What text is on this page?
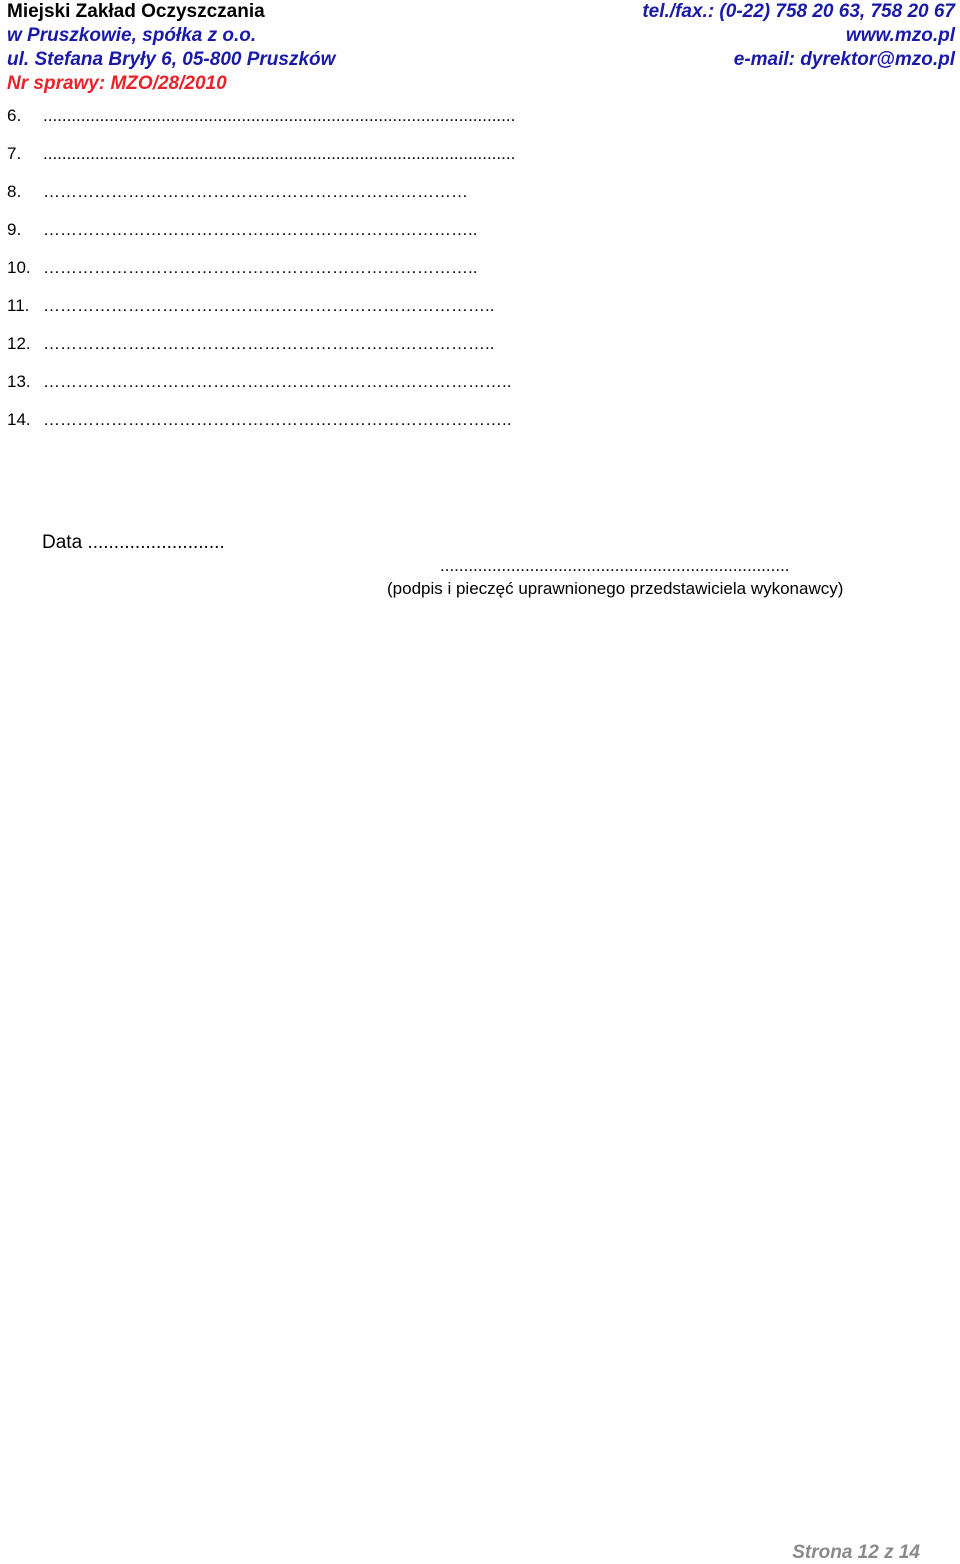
Miejski Zakład Oczyszczania	tel./fax.: (0-22) 758 20 63, 758 20 67
w Pruszkowie, spółka z o.o.	www.mzo.pl
ul. Stefana Bryły 6, 05-800 Pruszków	e-mail: dyrektor@mzo.pl
Nr sprawy: MZO/28/2010
6.	....................................................................................................
7.	....................................................................................................
8.	…………………………………………………………………
9.	…………………………………………………………………..
10. …………………………………………………………………..
11. ……………………………………………………………………..
12. ……………………………………………………………………..
13. ………………………………………………………………………..
14. ………………………………………………………………………..
Data ..........................
..........................................................................
(podpis i pieczęć uprawnionego przedstawiciela wykonawcy)
Strona 12 z 14
